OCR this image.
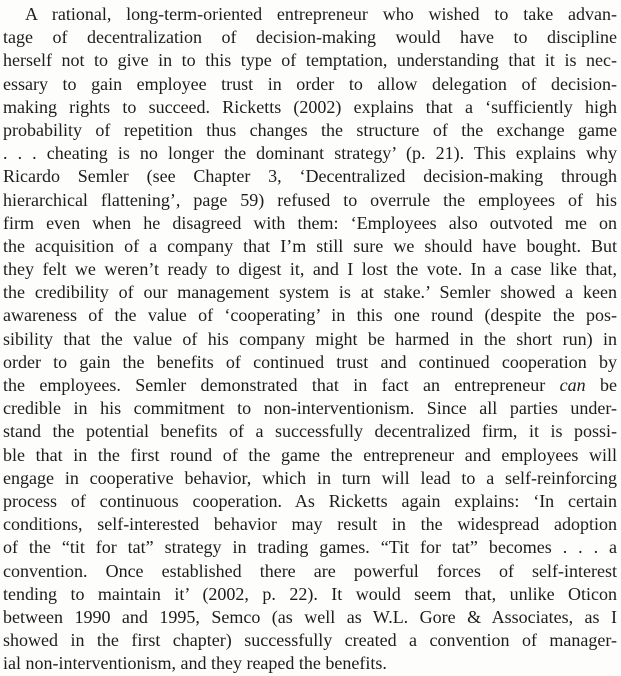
A rational, long-term-oriented entrepreneur who wished to take advan-
tage of decentralization of decision-making would have to discipline
herself not to give in to this type of temptation, understanding that it is nec-
essary to gain employee trust in order to allow delegation of decision-
making rights to succeed. Ricketts (2002) explains that a ‘sufficiently high
probability of repetition thus changes the structure of the exchange game
. . . cheating is no longer the dominant strategy’ (p. 21). This explains why
Ricardo Semler (see Chapter 3, ‘Decentralized decision-making through
hierarchical flattening’, page 59) refused to overrule the employees of his
firm even when he disagreed with them: ‘Employees also outvoted me on
the acquisition of a company that I’m still sure we should have bought. But
they felt we weren’t ready to digest it, and I lost the vote. In a case like that,
the credibility of our management system is at stake.’ Semler showed a keen
awareness of the value of ‘cooperating’ in this one round (despite the pos-
sibility that the value of his company might be harmed in the short run) in
order to gain the benefits of continued trust and continued cooperation by
the employees. Semler demonstrated that in fact an entrepreneur can be
credible in his commitment to non-interventionism. Since all parties under-
stand the potential benefits of a successfully decentralized firm, it is possi-
ble that in the first round of the game the entrepreneur and employees will
engage in cooperative behavior, which in turn will lead to a self-reinforcing
process of continuous cooperation. As Ricketts again explains: ‘In certain
conditions, self-interested behavior may result in the widespread adoption
of the “tit for tat” strategy in trading games. “Tit for tat” becomes . . . a
convention. Once established there are powerful forces of self-interest
tending to maintain it’ (2002, p. 22). It would seem that, unlike Oticon
between 1990 and 1995, Semco (as well as W.L. Gore & Associates, as I
showed in the first chapter) successfully created a convention of manager-
ial non-interventionism, and they reaped the benefits.
